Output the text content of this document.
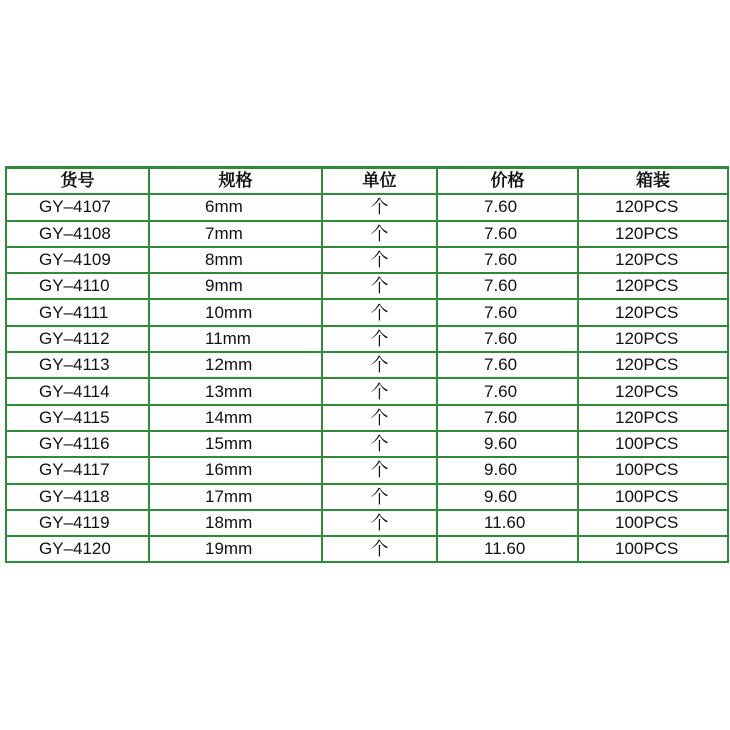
货号	规格	单位	价格	箱装
GY–4107	6mm	个	7.60	120PCS
GY–4108	7mm	个	7.60	120PCS
GY–4109	8mm	个	7.60	120PCS
GY–4110	9mm	个	7.60	120PCS
GY–4111	10mm	个	7.60	120PCS
GY–4112	11mm	个	7.60	120PCS
GY–4113	12mm	个	7.60	120PCS
GY–4114	13mm	个	7.60	120PCS
GY–4115	14mm	个	7.60	120PCS
GY–4116	15mm	个	9.60	100PCS
GY–4117	16mm	个	9.60	100PCS
GY–4118	17mm	个	9.60	100PCS
GY–4119	18mm	个	11.60	100PCS
GY–4120	19mm	个	11.60	100PCS
